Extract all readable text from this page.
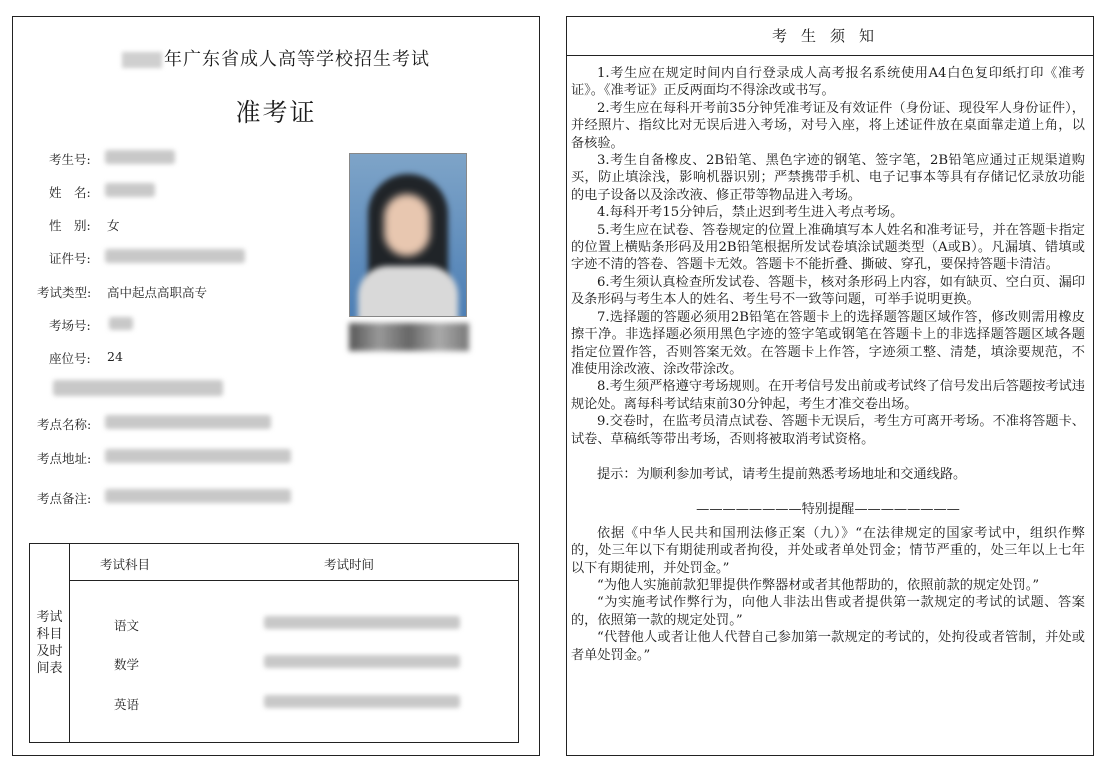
年广东省成人高等学校招生考试
准考证
考生号:
姓　名:
性　别: 女
证件号:
考试类型: 高中起点高职高专
考场号:
座位号: 24
考点名称:
考点地址:
考点备注:
考试
科目
及时
间表
考试科目	考试时间
语文
数学
英语
考生须知

1.考生应在规定时间内自行登录成人高考报名系统使用A4白色复印纸打印《准考证》。《准考证》正反两面均不得涂改或书写。

2.考生应在每科开考前35分钟凭准考证及有效证件（身份证、现役军人身份证件），并经照片、指纹比对无误后进入考场，对号入座，将上述证件放在桌面靠走道上角，以备核验。

3.考生自备橡皮、2B铅笔、黑色字迹的钢笔、签字笔，2B铅笔应通过正规渠道购买，防止填涂浅，影响机器识别；严禁携带手机、电子记事本等具有存储记忆录放功能的电子设备以及涂改液、修正带等物品进入考场。

4.每科开考15分钟后，禁止迟到考生进入考点考场。

5.考生应在试卷、答卷规定的位置上准确填写本人姓名和准考证号，并在答题卡指定的位置上横贴条形码及用2B铅笔根据所发试卷填涂试题类型（A或B）。凡漏填、错填或字迹不清的答卷、答题卡无效。答题卡不能折叠、撕破、穿孔，要保持答题卡清洁。

6.考生须认真检查所发试卷、答题卡，核对条形码上内容，如有缺页、空白页、漏印及条形码与考生本人的姓名、考生号不一致等问题，可举手说明更换。

7.选择题的答题必须用2B铅笔在答题卡上的选择题答题区域作答，修改则需用橡皮擦干净。非选择题必须用黑色字迹的签字笔或钢笔在答题卡上的非选择题答题区域各题指定位置作答，否则答案无效。在答题卡上作答，字迹须工整、清楚，填涂要规范，不准使用涂改液、涂改带涂改。

8.考生须严格遵守考场规则。在开考信号发出前或考试终了信号发出后答题按考试违规论处。离每科考试结束前30分钟起，考生才准交卷出场。

9.交卷时，在监考员清点试卷、答题卡无误后，考生方可离开考场。不准将答题卡、试卷、草稿纸等带出考场，否则将被取消考试资格。

提示：为顺利参加考试，请考生提前熟悉考场地址和交通线路。

————————特别提醒————————

依据《中华人民共和国刑法修正案（九）》“在法律规定的国家考试中，组织作弊的，处三年以下有期徒刑或者拘役，并处或者单处罚金；情节严重的，处三年以上七年以下有期徒刑，并处罚金。”

“为他人实施前款犯罪提供作弊器材或者其他帮助的，依照前款的规定处罚。”

“为实施考试作弊行为，向他人非法出售或者提供第一款规定的考试的试题、答案的，依照第一款的规定处罚。”

“代替他人或者让他人代替自己参加第一款规定的考试的，处拘役或者管制，并处或者单处罚金。”
